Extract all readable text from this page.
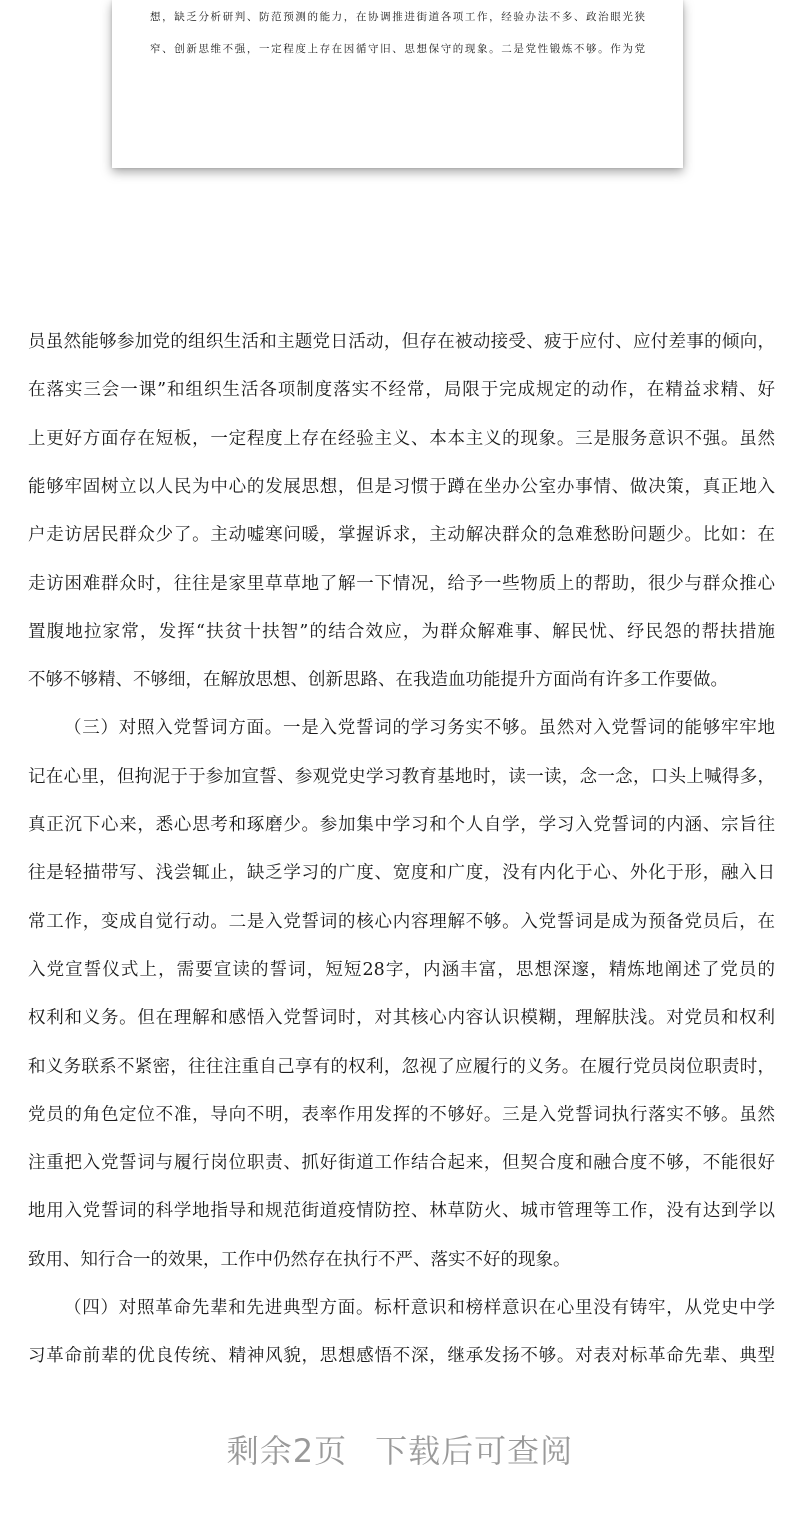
想，缺乏分析研判、防范预测的能力，在协调推进街道各项工作，经验办法不多、政治眼光狭
窄、创新思维不强，一定程度上存在因循守旧、思想保守的现象。二是党性锻炼不够。作为党
员虽然能够参加党的组织生活和主题党日活动，但存在被动接受、疲于应付、应付差事的倾向，
在落实三会一课”和组织生活各项制度落实不经常，局限于完成规定的动作，在精益求精、好
上更好方面存在短板，一定程度上存在经验主义、本本主义的现象。三是服务意识不强。虽然
能够牢固树立以人民为中心的发展思想，但是习惯于蹲在坐办公室办事情、做决策，真正地入
户走访居民群众少了。主动嘘寒问暖，掌握诉求，主动解决群众的急难愁盼问题少。比如：在
走访困难群众时，往往是家里草草地了解一下情况，给予一些物质上的帮助，很少与群众推心
置腹地拉家常，发挥“扶贫十扶智”的结合效应，为群众解难事、解民忧、纾民怨的帮扶措施
不够不够精、不够细，在解放思想、创新思路、在我造血功能提升方面尚有许多工作要做。
（三）对照入党誓词方面。一是入党誓词的学习务实不够。虽然对入党誓词的能够牢牢地
记在心里，但拘泥于于参加宣誓、参观党史学习教育基地时，读一读，念一念，口头上喊得多，
真正沉下心来，悉心思考和琢磨少。参加集中学习和个人自学，学习入党誓词的内涵、宗旨往
往是轻描带写、浅尝辄止，缺乏学习的广度、宽度和广度，没有内化于心、外化于形，融入日
常工作，变成自觉行动。二是入党誓词的核心内容理解不够。入党誓词是成为预备党员后，在
入党宣誓仪式上，需要宣读的誓词，短短28字，内涵丰富，思想深邃，精炼地阐述了党员的
权利和义务。但在理解和感悟入党誓词时，对其核心内容认识模糊，理解肤浅。对党员和权利
和义务联系不紧密，往往注重自己享有的权利，忽视了应履行的义务。在履行党员岗位职责时，
党员的角色定位不准，导向不明，表率作用发挥的不够好。三是入党誓词执行落实不够。虽然
注重把入党誓词与履行岗位职责、抓好街道工作结合起来，但契合度和融合度不够，不能很好
地用入党誓词的科学地指导和规范街道疫情防控、林草防火、城市管理等工作，没有达到学以
致用、知行合一的效果，工作中仍然存在执行不严、落实不好的现象。
（四）对照革命先辈和先进典型方面。标杆意识和榜样意识在心里没有铸牢，从党史中学
习革命前辈的优良传统、精神风貌，思想感悟不深，继承发扬不够。对表对标革命先辈、典型
剩余2页 下载后可查阅
